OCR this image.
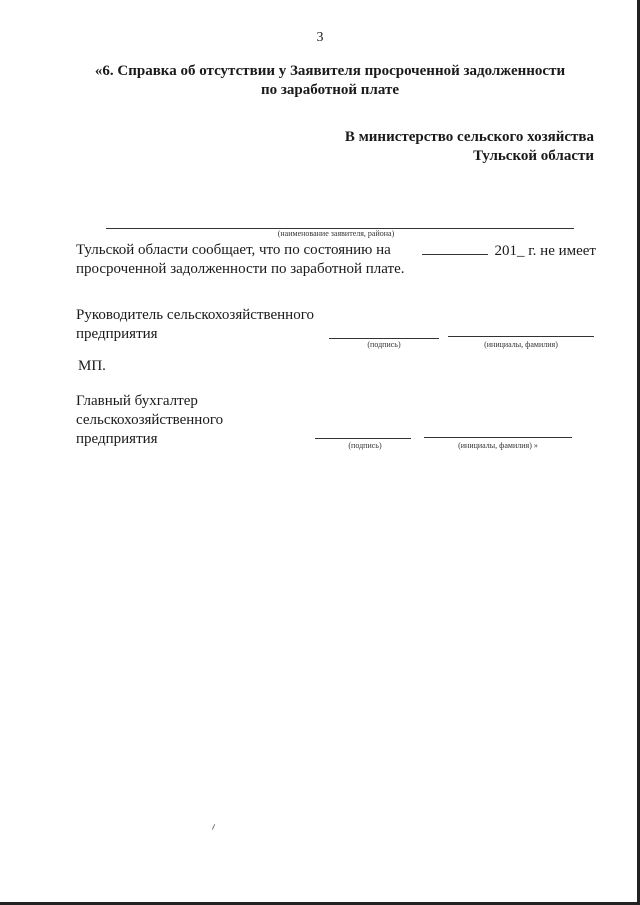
3
«6. Справка об отсутствии у Заявителя просроченной задолженности
по заработной плате
В министерство сельского хозяйства
Тульской области
(наименование заявителя, района)
Тульской области сообщает, что по состоянию на	201_ г. не имеет
просроченной задолженности по заработной плате.
Руководитель сельскохозяйственного
предприятия
(подпись)	(инициалы, фамилия)
МП.
Главный бухгалтер
сельскохозяйственного
предприятия	(подпись)	(инициалы, фамилия) »
